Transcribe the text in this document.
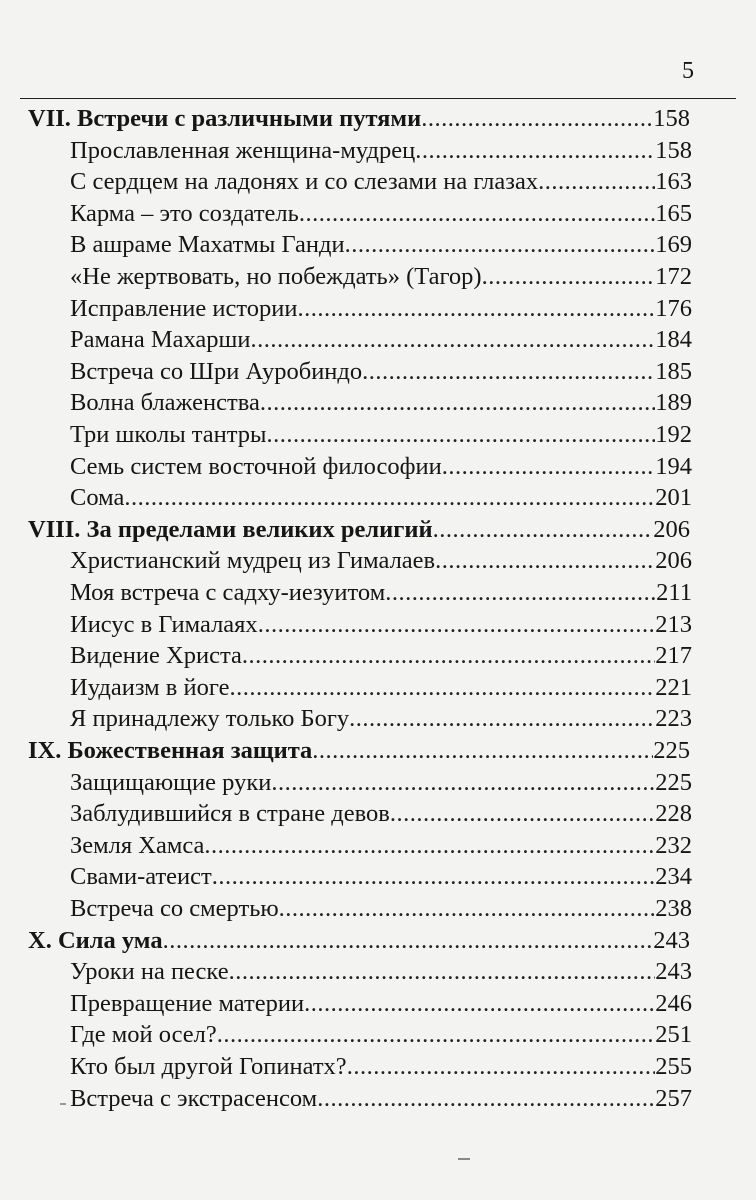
5
VII. Встречи с различными путями .....	158
Прославленная женщина-мудрец .....	158
С сердцем на ладонях и со слезами на глазах .....	163
Карма – это создатель .....	165
В ашраме Махатмы Ганди .....	169
«Не жертвовать, но побеждать» (Тагор) .....	172
Исправление истории .....	176
Рамана Махарши .....	184
Встреча со Шри Ауробиндо .....	185
Волна блаженства .....	189
Три школы тантры .....	192
Семь систем восточной философии .....	194
Сома .....	201
VIII. За пределами великих религий .....	206
Христианский мудрец из Гималаев .....	206
Моя встреча с садху-иезуитом .....	211
Иисус в Гималаях .....	213
Видение Христа .....	217
Иудаизм в йоге .....	221
Я принадлежу только Богу .....	223
IX. Божественная защита .....	225
Защищающие руки .....	225
Заблудившийся в стране девов .....	228
Земля Хамса .....	232
Свами-атеист .....	234
Встреча со смертью .....	238
X. Сила ума .....	243
Уроки на песке .....	243
Превращение материи .....	246
Где мой осел? .....	251
Кто был другой Гопинатх? .....	255
Встреча с экстрасенсом .....	257
